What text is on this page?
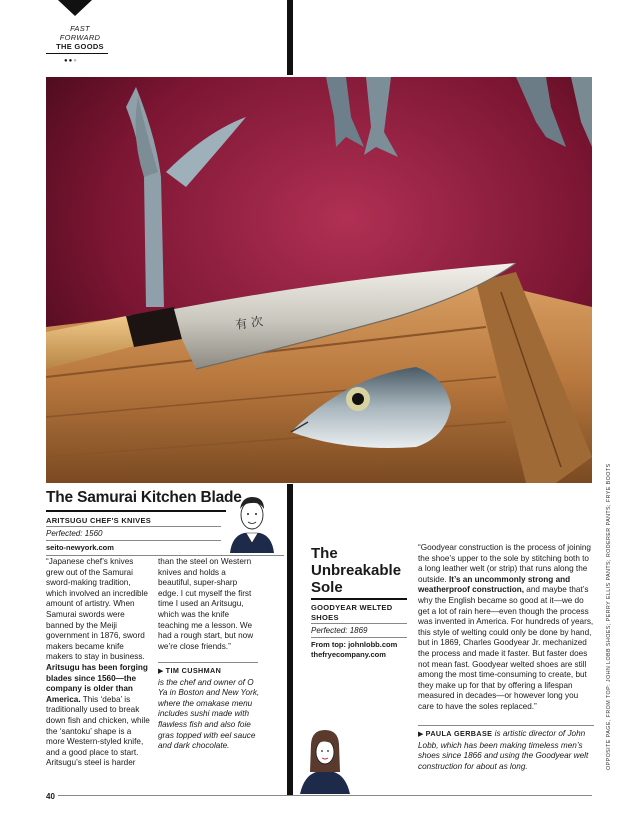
FAST
FORWARD
THE GOODS
●●●
有 次
The Samurai Kitchen Blade
ARITSUGU CHEF'S KNIVES
Perfected: 1560
seito-newyork.com
“Japanese chef’s knives grew out of the Samurai sword-making tradition, which involved an incredible amount of artistry. When Samurai swords were banned by the Meiji government in 1876, sword makers became knife makers to stay in business. Aritsugu has been forging blades since 1560—the company is older than America. This ‘deba’ is traditionally used to break down fish and chicken, while the ‘santoku’ shape is a more Western-styled knife, and a good place to start. Aritsugu’s steel is harder
than the steel on Western knives and holds a beautiful, super-sharp edge. I cut myself the first time I used an Aritsugu, which was the knife teaching me a lesson. We had a rough start, but now we’re close friends.”
▶ TIM CUSHMAN
is the chef and owner of O Ya in Boston and New York, where the omakase menu includes sushi made with flawless fish and also foie gras topped with eel sauce and dark chocolate.
The
Unbreakable
Sole
GOODYEAR WELTED
SHOES
Perfected: 1869
From top: johnlobb.com
thefryecompany.com
“Goodyear construction is the process of joining the shoe’s upper to the sole by stitching both to a long leather welt (or strip) that runs along the outside. It’s an uncommonly strong and weatherproof construction, and maybe that’s why the English became so good at it—we do get a lot of rain here—even though the process was invented in America. For hundreds of years, this style of welting could only be done by hand, but in 1869, Charles Goodyear Jr. mechanized the process and made it faster. But faster does not mean fast. Goodyear welted shoes are still among the most time-consuming to create, but they make up for that by offering a lifespan measured in decades—or however long you care to have the soles replaced.”
▶ PAULA GERBASE is artistic director of John Lobb, which has been making timeless men’s shoes since 1866 and using the Goodyear welt construction for about as long.
40
OPPOSITE PAGE, FROM TOP: JOHN LOBB SHOES; PERRY ELLIS PANTS; RODERER PANTS; FRYE BOOTS
